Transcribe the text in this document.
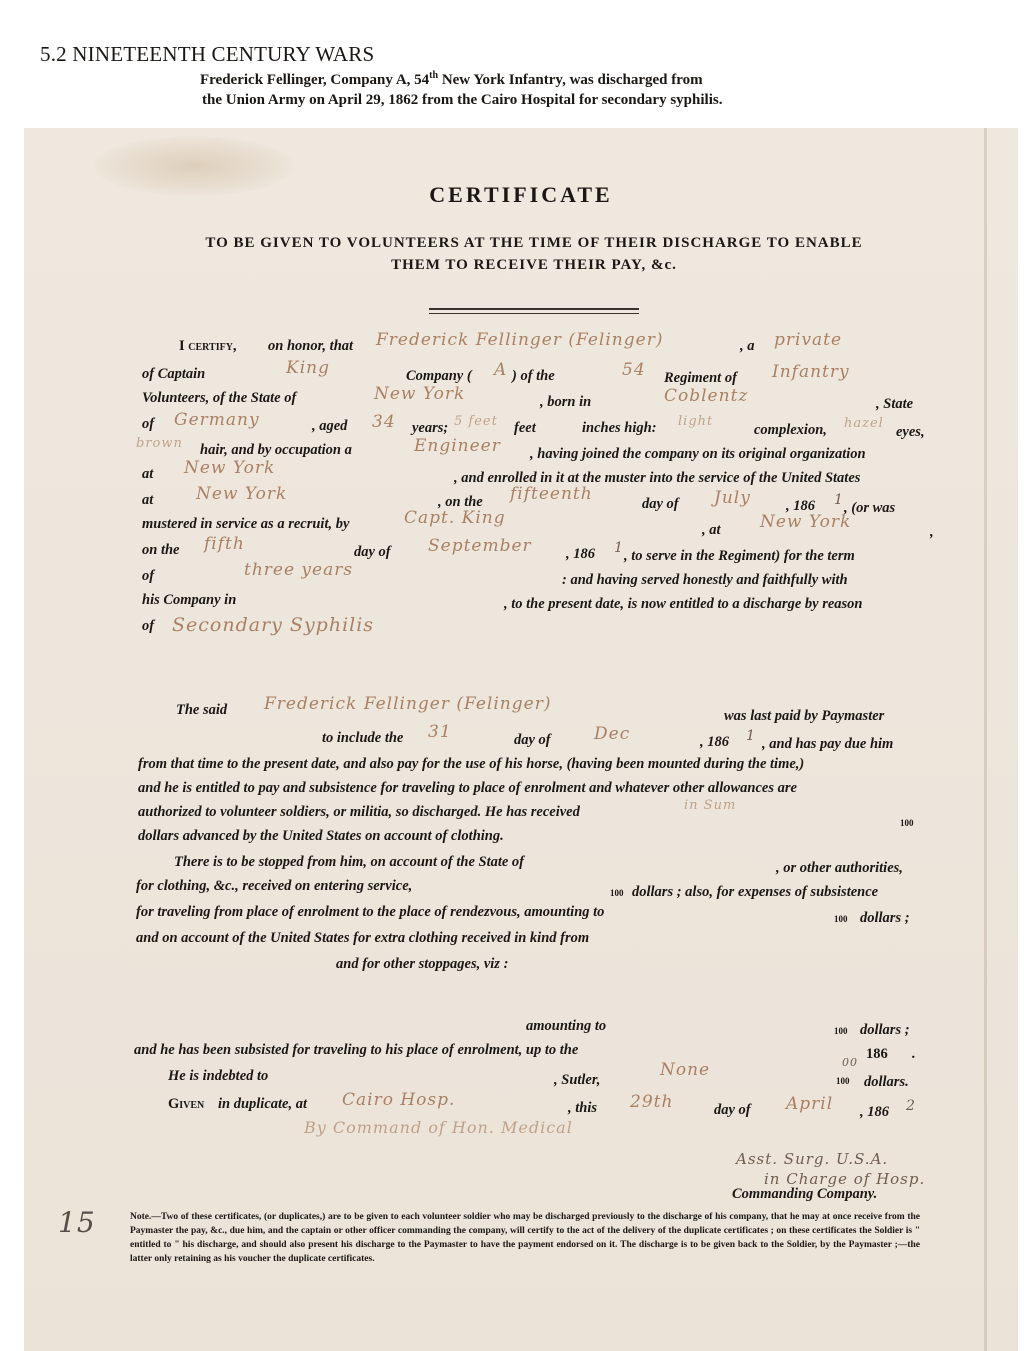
5.2 NINETEENTH CENTURY WARS
Frederick Fellinger, Company A, 54th New York Infantry, was discharged from
the Union Army on April 29, 1862 from the Cairo Hospital for secondary syphilis.
CERTIFICATE
TO BE GIVEN TO VOLUNTEERS AT THE TIME OF THEIR DISCHARGE TO ENABLE
THEM TO RECEIVE THEIR PAY, &c.
I certify, on honor, that Frederick Fellinger (Felinger)	, a private
of Captain	King	Company ( A ) of the	54 Regiment of Infantry
Volunteers, of the State of	New York	, born in	Coblentz	, State
of Germany	, aged 34 years; 5 feet feet	inches high: light
complexion, hazel
eyes,
brown hair, and by occupation a	Engineer , having joined the company on its original organization
at New York	, and enrolled in it at the muster into the service of the United States
at	New York	, on the fifteenth	day of July , 186 1 , (or was
mustered in service as a recruit, by	Capt. King
, at New York	,
on the fifth	day of September , 186 1 , to serve in the Regiment) for the term
of	three years	: and having served honestly and faithfully with
his Company in	, to the present date, is now entitled to a discharge by reason
of Secondary Syphilis
The said Frederick Fellinger (Felinger)
was last paid by Paymaster
to include the 31	day of	Dec	, 186 1 , and has pay due him
from that time to the present date, and also pay for the use of his horse, (having been mounted during the time,)
and he is entitled to pay and subsistence for traveling to place of enrolment and whatever other allowances are
authorized to volunteer soldiers, or militia, so discharged. He has received	in Sum
100
dollars advanced by the United States on account of clothing.
There is to be stopped from him, on account of the State of	, or other authorities,
for clothing, &c., received on entering service,	100 dollars ; also, for expenses of subsistence
for traveling from place of enrolment to the place of rendezvous, amounting to	100 dollars ;
and on account of the United States for extra clothing received in kind from
and for other stoppages, viz :
amounting to	100 dollars ;
and he has been subsisted for traveling to his place of enrolment, up to the	186 .
He is indebted to	, Sutler,	None	00
100 dollars.
Given in duplicate, at Cairo Hosp.	, this 29th	day of April , 186 2
By Command of Hon. Medical
Asst. Surg. U.S.A.
in Charge of Hosp.
Commanding Company.
Note.—Two of these certificates, (or duplicates,) are to be given to each volunteer soldier who may be discharged previously to the discharge of his company, that he may at once receive from the Paymaster the pay, &c., due him, and the captain or other officer commanding the company, will certify to the act of the delivery of the duplicate certificates ; on these certificates the Soldier is " entitled to " his discharge, and should also present his discharge to the Paymaster to have the payment endorsed on it. The discharge is to be given back to the Soldier, by the Paymaster ;—the latter only retaining as his voucher the duplicate certificates.
15
